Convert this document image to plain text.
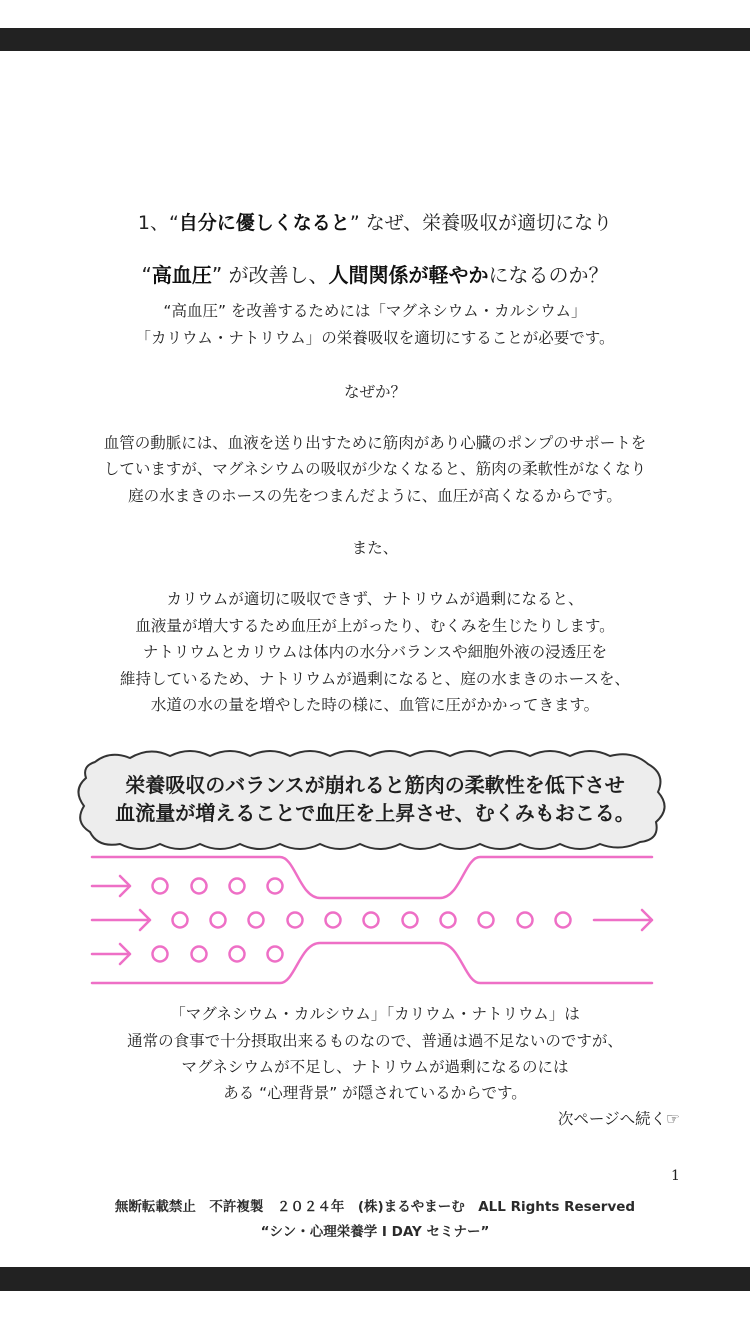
1、“自分に優しくなると” なぜ、栄養吸収が適切になり
“高血圧” が改善し、人間関係が軽やかになるのか？
“高血圧” を改善するためには「マグネシウム・カルシウム」
「カリウム・ナトリウム」の栄養吸収を適切にすることが必要です。
なぜか？
血管の動脈には、血液を送り出すために筋肉があり心臓のポンプのサポートを
していますが、マグネシウムの吸収が少なくなると、筋肉の柔軟性がなくなり
庭の水まきのホースの先をつまんだように、血圧が高くなるからです。
また、
カリウムが適切に吸収できず、ナトリウムが過剰になると、
血液量が増大するため血圧が上がったり、むくみを生じたりします。
ナトリウムとカリウムは体内の水分バランスや細胞外液の浸透圧を
維持しているため、ナトリウムが過剰になると、庭の水まきのホースを、
水道の水の量を増やした時の様に、血管に圧がかかってきます。
栄養吸収のバランスが崩れると筋肉の柔軟性を低下させ
血流量が増えることで血圧を上昇させ、むくみもおこる。
「マグネシウム・カルシウム」「カリウム・ナトリウム」は
通常の食事で十分摂取出来るものなので、普通は過不足ないのですが、
マグネシウムが不足し、ナトリウムが過剰になるのには
ある “心理背景” が隠されているからです。
次ページへ続く☞
1
無断転載禁止　不許複製　２０２４年　(株)まるやまーむ　ALL Rights Reserved
“シン・心理栄養学 I DAY セミナー”
